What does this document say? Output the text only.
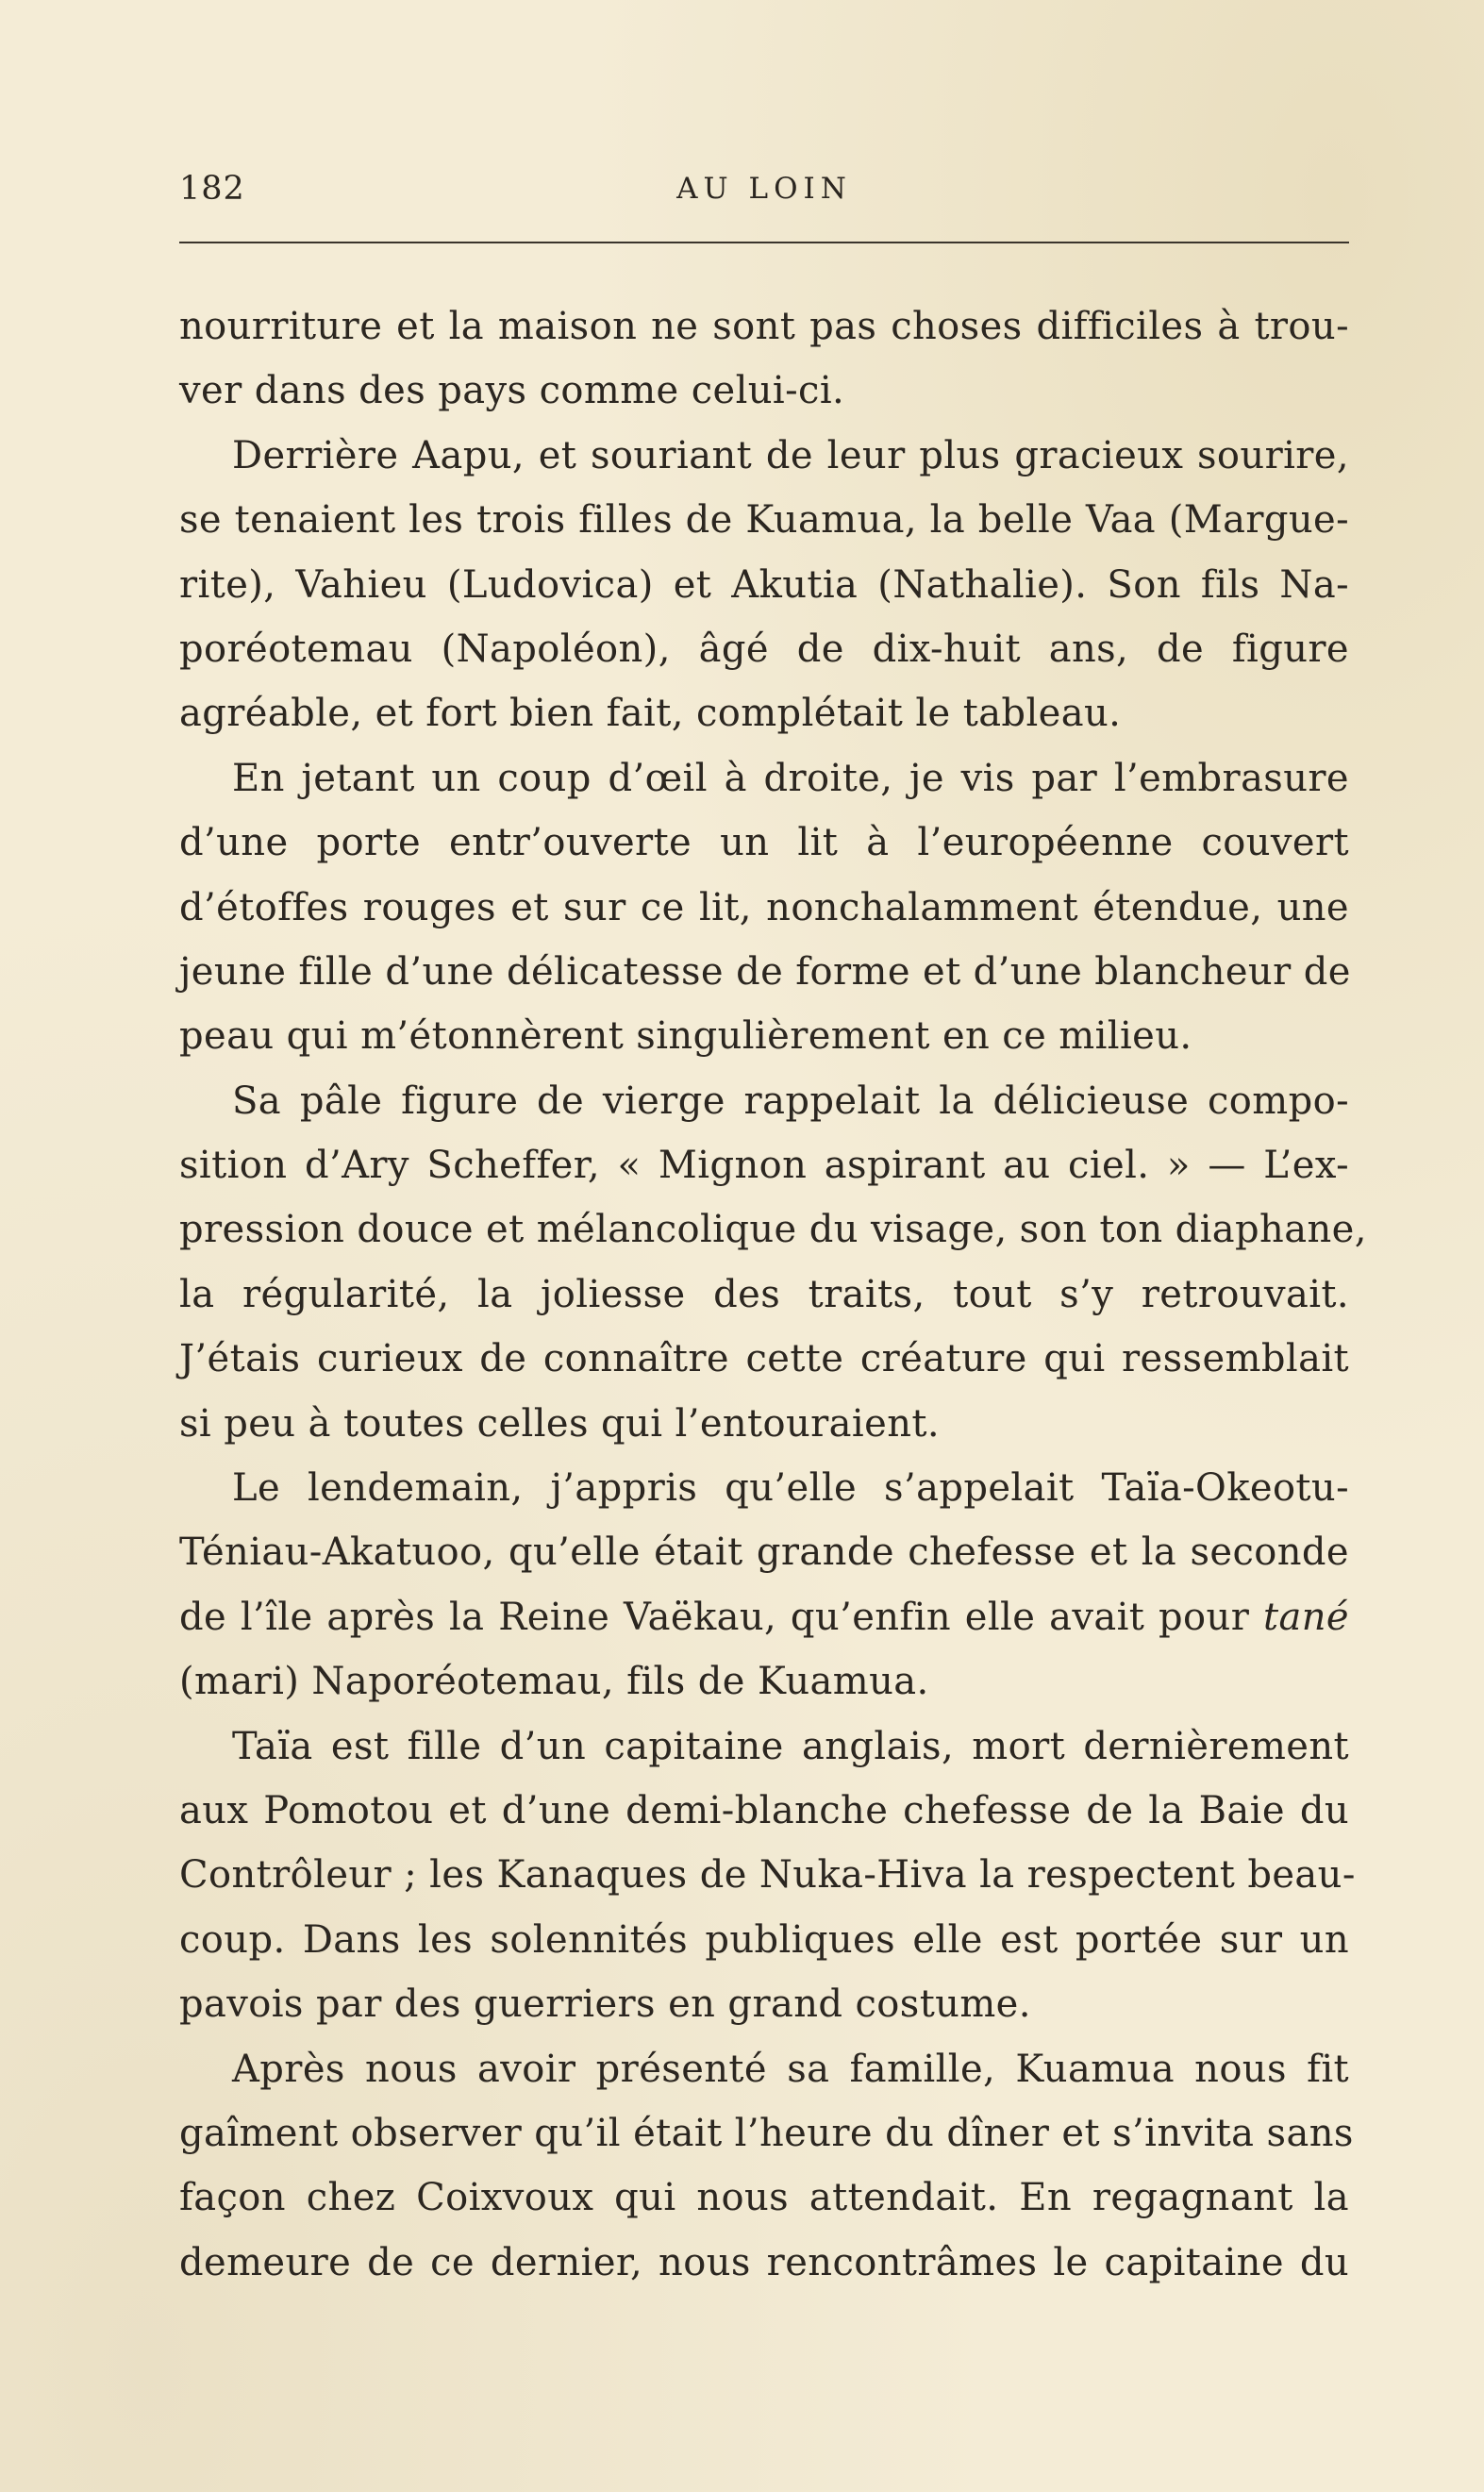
182	AU LOIN
nourriture et la maison ne sont pas choses difficiles à trou-
ver dans des pays comme celui-ci.
Derrière Aapu, et souriant de leur plus gracieux sourire,
se tenaient les trois filles de Kuamua, la belle Vaa (Margue-
rite), Vahieu (Ludovica) et Akutia (Nathalie). Son fils Na-
poréotemau (Napoléon), âgé de dix-huit ans, de figure
agréable, et fort bien fait, complétait le tableau.
En jetant un coup d’œil à droite, je vis par l’embrasure
d’une porte entr’ouverte un lit à l’européenne couvert
d’étoffes rouges et sur ce lit, nonchalamment étendue, une
jeune fille d’une délicatesse de forme et d’une blancheur de
peau qui m’étonnèrent singulièrement en ce milieu.
Sa pâle figure de vierge rappelait la délicieuse compo-
sition d’Ary Scheffer, « Mignon aspirant au ciel. » — L’ex-
pression douce et mélancolique du visage, son ton diaphane,
la régularité, la joliesse des traits, tout s’y retrouvait.
J’étais curieux de connaître cette créature qui ressemblait
si peu à toutes celles qui l’entouraient.
Le lendemain, j’appris qu’elle s’appelait Taïa-Okeotu-
Téniau-Akatuoo, qu’elle était grande chefesse et la seconde
de l’île après la Reine Vaëkau, qu’enfin elle avait pour tané
(mari) Naporéotemau, fils de Kuamua.
Taïa est fille d’un capitaine anglais, mort dernièrement
aux Pomotou et d’une demi-blanche chefesse de la Baie du
Contrôleur ; les Kanaques de Nuka-Hiva la respectent beau-
coup. Dans les solennités publiques elle est portée sur un
pavois par des guerriers en grand costume.
Après nous avoir présenté sa famille, Kuamua nous fit
gaîment observer qu’il était l’heure du dîner et s’invita sans
façon chez Coixvoux qui nous attendait. En regagnant la
demeure de ce dernier, nous rencontrâmes le capitaine du
